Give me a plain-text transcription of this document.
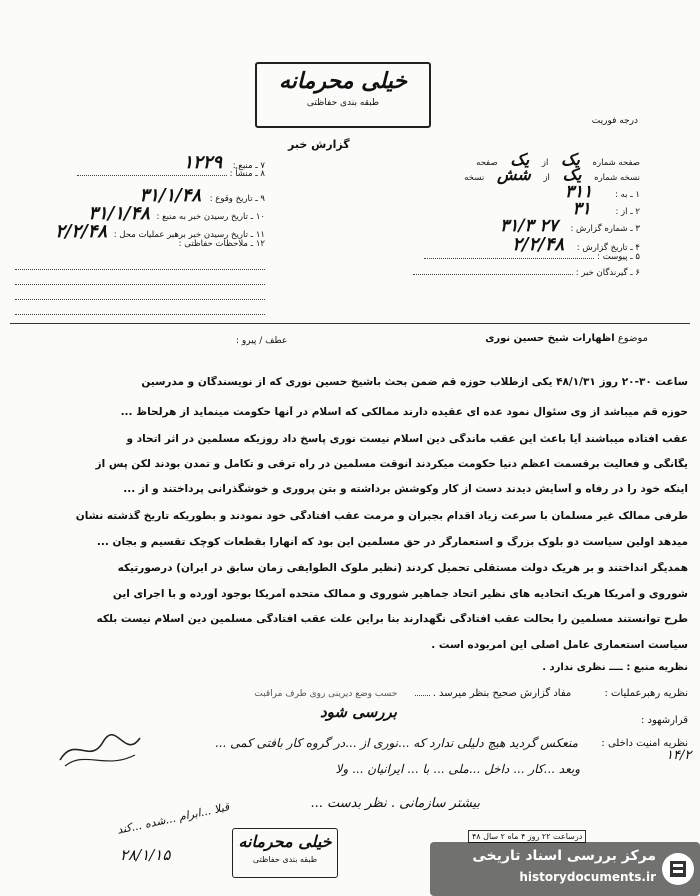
خیلی محرمانه
طبقه بندی حفاظتی
درجه فوریت
گزارش خبر
صفحه شماره یک از یک صفحه
نسخه شماره یک از شش نسخه
۱ ـ به : ۳۱۱
۲ ـ از : ۳۱
۳ ـ شماره گزارش : ۲۷ ۳۱/۳
۴ ـ تاریخ گزارش : ۲/۲/۴۸
۵ ـ پیوست :
۶ ـ گیرندگان خبر :
۷ ـ منبع : ۱۲۲۹
۸ ـ منشأ :
۹ ـ تاریخ وقوع : ۳۱/۱/۴۸
۱۰ ـ تاریخ رسیدن خبر به منبع : ۳۱/۱/۴۸
۱۱ ـ تاریخ رسیدن خبر برهبر عملیات محل : ۲/۲/۴۸
۱۲ ـ ملاحظات حفاظتی :
موضوع اظهارات شیخ حسین نوری
عطف / پیرو :
ساعت ۳۰-۲۰ روز ۴۸/۱/۳۱ یکی ازطلاب حوزه قم ضمن بحث باشیخ حسین نوری که از نویسندگان و مدرسین
حوزه قم میباشد از وی سئوال نمود عده ای عقیده دارند ممالکی که اسلام در آنها حکومت مینماید از هرلحاظ ...
عقب افتاده میباشند آیا باعث این عقب ماندگی دین اسلام نیست نوری پاسخ داد روزیکه مسلمین در اثر اتحاد و
یگانگی و فعالیت برقسمت اعظم دنیا حکومت میکردند آنوقت مسلمین در راه ترقی و تکامل و تمدن بودند لکن پس از
اینکه خود را در رفاه و آسایش دیدند دست از کار وکوشش برداشته و بتن پروری و خوشگذرانی پرداختند و از ...
طرفی ممالک غیر مسلمان با سرعت زیاد اقدام بجبران و مرمت عقب افتادگی خود نمودند و بطوریکه تاریخ گذشته نشان
میدهد اولین سیاست دو بلوک بزرگ و استعمارگر در حق مسلمین این بود که آنهارا بقطعات کوچک تقسیم و بجان ...
همدیگر انداختند و بر هریک دولت مستقلی تحمیل کردند (نظیر ملوک الطوایفی زمان سابق در ایران) درصورتیکه
شوروی و آمریکا هریک اتحادیه های نظیر اتحاد جماهیر شوروی و ممالک متحده آمریکا بوجود آورده و با اجرای این
طرح توانستند مسلمین را بحالت عقب افتادگی نگهدارند بنا براین علت عقب افتادگی مسلمین دین اسلام نیست بلکه
سیاست استعماری عامل اصلی این امربوده است .
نظریه منبع : ــــ نظری ندارد .
نظریه رهبرعملیات : مفاد گزارش صحیح بنظر میرسد .  حسب وضع دیرینی روی طرف مراقبت
قرارشهود :
بررسی شود
نظریه امنیت داخلی :
منعکس گردید هیچ دلیلی ندارد که ...نوری از ...در گروه کار بافتی کمی ...
وبعد ...کار ... داخل ...ملی ... با ... ایرانیان ... ولا
بیشتر سازمانی . نظر بدست ...
قبلا ...ابرام ...شده ...کند
۱۴/۲
۲۸/۱/۱۵
خیلی محرمانه
طبقه بندی حفاظتی
درساعت ۲۲ روز ۴ ماه ۲ سال ۴۸
مرکز بررسی اسناد تاریخی
historydocuments.ir
